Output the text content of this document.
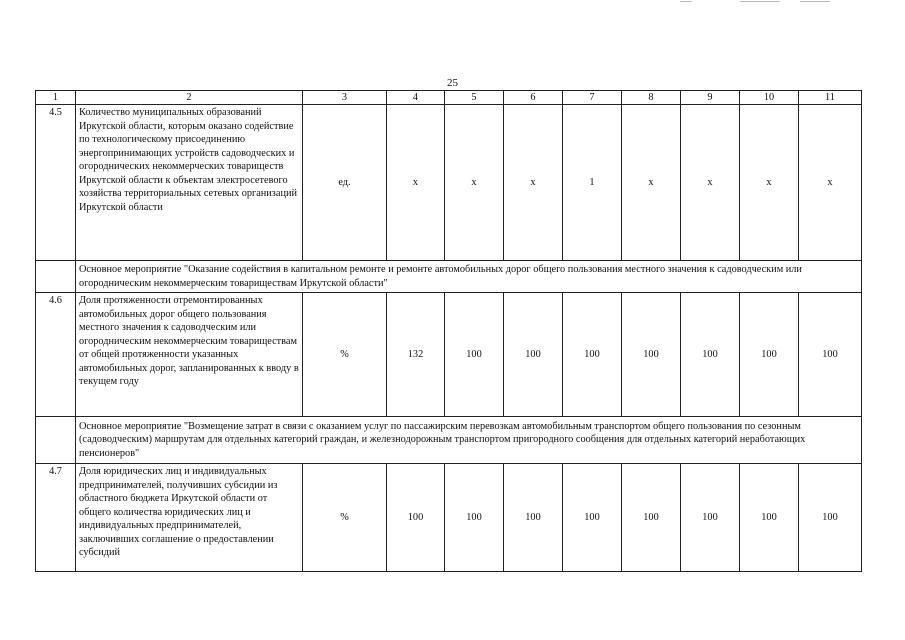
25
1	2	3	4	5	6	7	8	9	10	11
4.5	Количество муниципальных образований Иркутской области, которым оказано содействие по технологическому присоединению энергопринимающих устройств садоводческих и огороднических некоммерческих товариществ Иркутской области к объектам электросетевого хозяйства территориальных сетевых организаций Иркутской области	ед.	x	x	x	1	x	x	x	x
	Основное мероприятие "Оказание содействия в капитальном ремонте и ремонте автомобильных дорог общего пользования местного значения к садоводческим или огородническим некоммерческим товариществам Иркутской области"									
4.6	Доля протяженности отремонтированных автомобильных дорог общего пользования местного значения к садоводческим или огородническим некоммерческим товариществам от общей протяженности указанных автомобильных дорог, запланированных к вводу в текущем году	%	132	100	100	100	100	100	100	100
	Основное мероприятие "Возмещение затрат в связи с оказанием услуг по пассажирским перевозкам автомобильным транспортом общего пользования по сезонным (садоводческим) маршрутам для отдельных категорий граждан, и железнодорожным транспортом пригородного сообщения для отдельных категорий неработающих пенсионеров"									
4.7	Доля юридических лиц и индивидуальных предпринимателей, получивших субсидии из областного бюджета Иркутской области от общего количества юридических лиц и индивидуальных предпринимателей, заключивших соглашение о предоставлении субсидий	%	100	100	100	100	100	100	100	100
